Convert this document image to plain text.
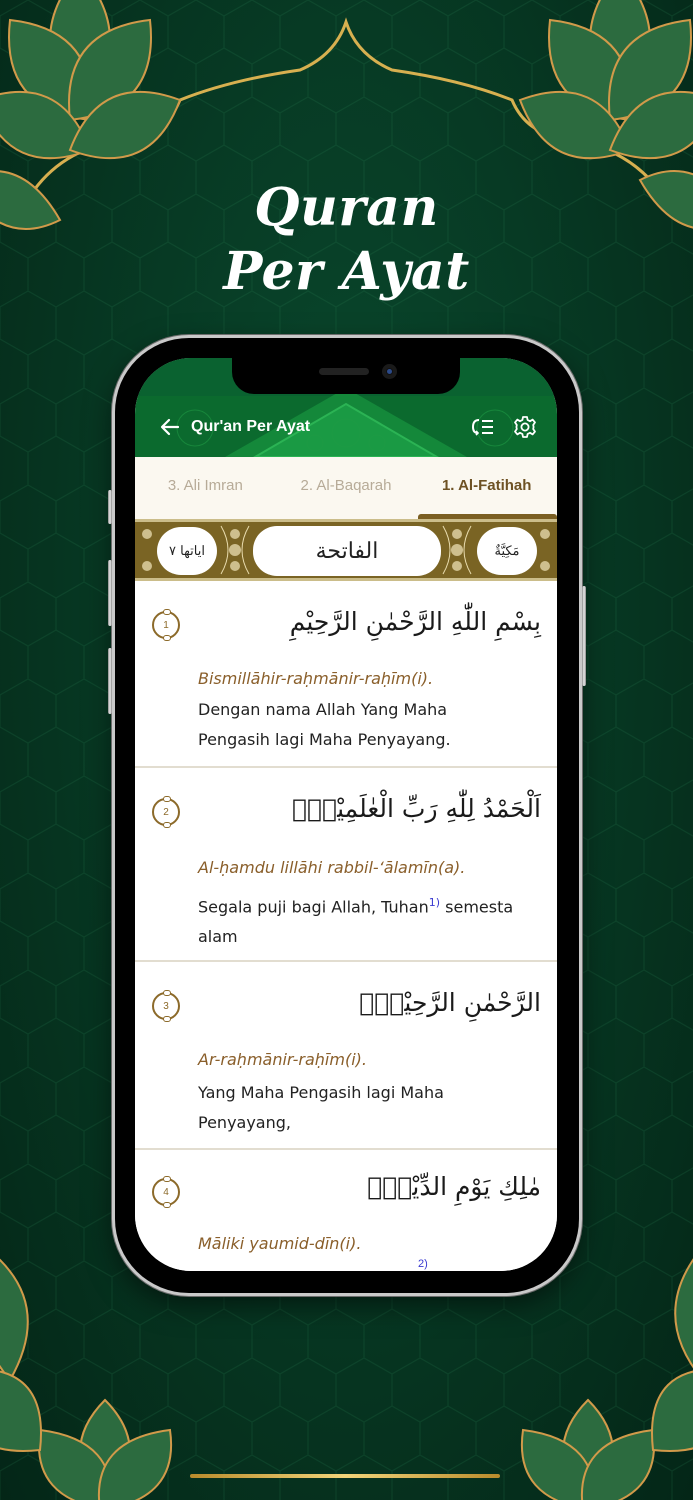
Quran
Per Ayat
Qur'an Per Ayat
3. Ali Imran	2. Al-Baqarah	1. Al-Fatihah
اياتها ٧	الفاتحة	مَكِيَّةٌ
1	بِسْمِ اللّٰهِ الرَّحْمٰنِ الرَّحِيْمِ
Bismillāhir-raḥmānir-raḥīm(i).
Dengan nama Allah Yang Maha Pengasih lagi Maha Penyayang.
2	اَلْحَمْدُ لِلّٰهِ رَبِّ الْعٰلَمِيْنَۙ
Al-ḥamdu lillāhi rabbil-‘ālamīn(a).
Segala puji bagi Allah, Tuhan$^{1)}$ semesta alam
3	الرَّحْمٰنِ الرَّحِيْمِۙ
Ar-raḥmānir-raḥīm(i).
Yang Maha Pengasih lagi Maha Penyayang,
4	مٰلِكِ يَوْمِ الدِّيْنِۗ
Māliki yaumid-dīn(i).
2)
